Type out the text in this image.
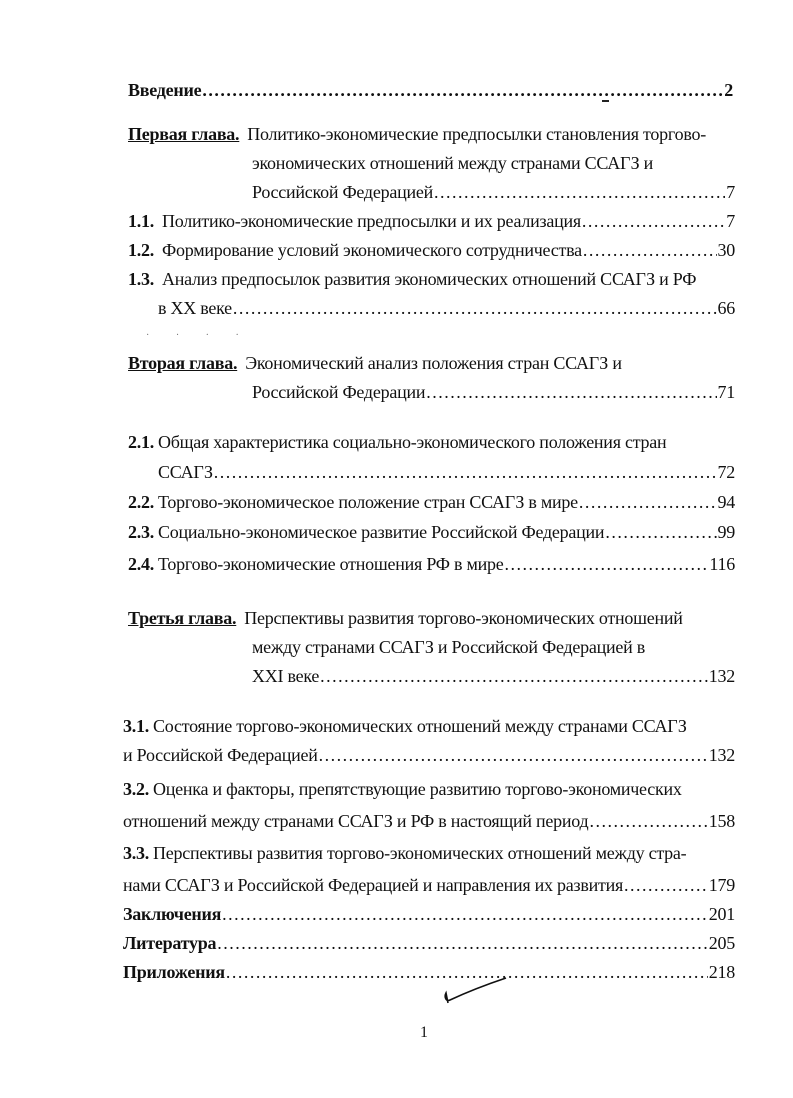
Введение .....	2
Первая глава. Политико-экономические предпосылки становления торгово-
экономических отношений между странами ССАГЗ и
Российской Федерацией .....	7
1.1. Политико-экономические предпосылки и их реализация .....	7
1.2. Формирование условий экономического сотрудничества .....	30
1.3. Анализ предпосылок развития экономических отношений ССАГЗ и РФ
в XX веке .....	66
· · · ·
Вторая глава. Экономический анализ положения стран ССАГЗ и
Российской Федерации .....	71
2.1. Общая характеристика социально-экономического положения стран
ССАГЗ .....	72
2.2. Торгово-экономическое положение стран ССАГЗ в мире .....	94
2.3. Социально-экономическое развитие Российской Федерации .....	99
2.4. Торгово-экономические отношения РФ в мире .....	116
Третья глава. Перспективы развития торгово-экономических отношений
между странами ССАГЗ и Российской Федерацией в
XXI веке .....	132
3.1. Состояние торгово-экономических отношений между странами ССАГЗ
и Российской Федерацией .....	132
3.2. Оценка и факторы, препятствующие развитию торгово-экономических
отношений между странами ССАГЗ и РФ в настоящий период .....	158
3.3. Перспективы развития торгово-экономических отношений между стра-
нами ССАГЗ и Российской Федерацией и направления их развития .....	179
Заключения .....	201
Литература .....	205
Приложения .....	218
1
